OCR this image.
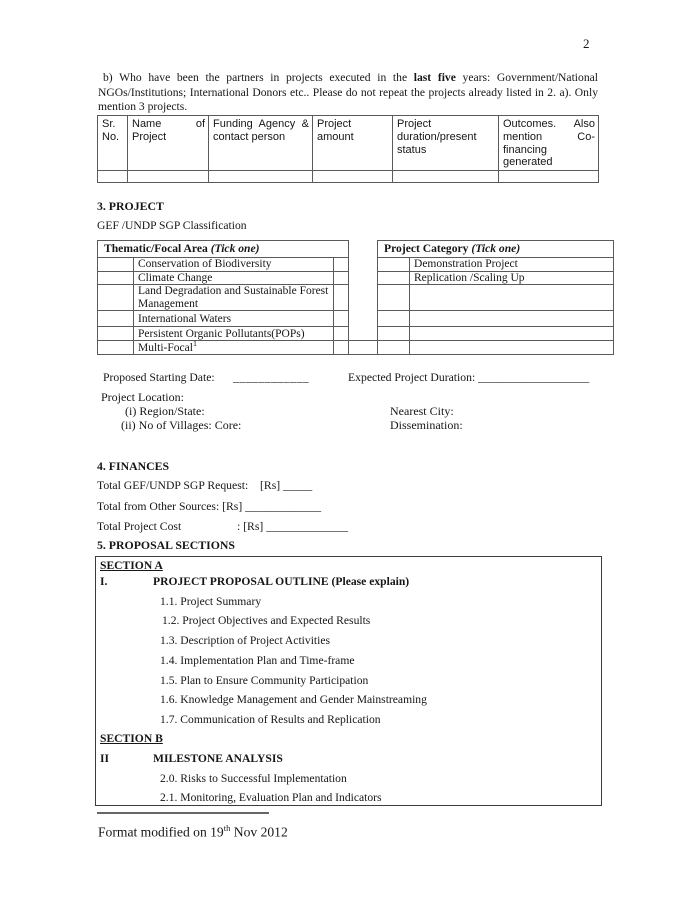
2
b) Who have been the partners in projects executed in the last five years: Government/National NGOs/Institutions; International Donors etc.. Please do not repeat the projects already listed in 2. a). Only mention 3 projects.
Sr. No.	Name of Project	Funding Agency & contact person	Project amount	Project duration/present status	Outcomes. Also mention Co-financing generated

3. PROJECT
GEF /UNDP SGP Classification
Thematic/Focal Area (Tick one)				Project Category (Tick one)	
	Conservation of Biodiversity				Demonstration Project
	Climate Change				Replication /Scaling Up
	Land Degradation and Sustainable Forest Management				
	International Waters				
	Persistent Organic Pollutants(POPs)				
	Multi-Focal$^1$				
Proposed Starting Date: ____________	Expected Project Duration: ___________________
Project Location:
(i) Region/State:	Nearest City:
(ii) No of Villages: Core:	Dissemination:
4. FINANCES
Total GEF/UNDP SGP Request: [Rs] _____
Total from Other Sources: [Rs] _____________
Total Project Cost	: [Rs] ______________
5. PROPOSAL SECTIONS
SECTION A
I.	PROJECT PROPOSAL OUTLINE (Please explain)
1.1. Project Summary
1.2. Project Objectives and Expected Results
1.3. Description of Project Activities
1.4. Implementation Plan and Time-frame
1.5. Plan to Ensure Community Participation
1.6. Knowledge Management and Gender Mainstreaming
1.7. Communication of Results and Replication
SECTION B
II	MILESTONE ANALYSIS
2.0. Risks to Successful Implementation
2.1. Monitoring, Evaluation Plan and Indicators
Format modified on 19th Nov 2012
